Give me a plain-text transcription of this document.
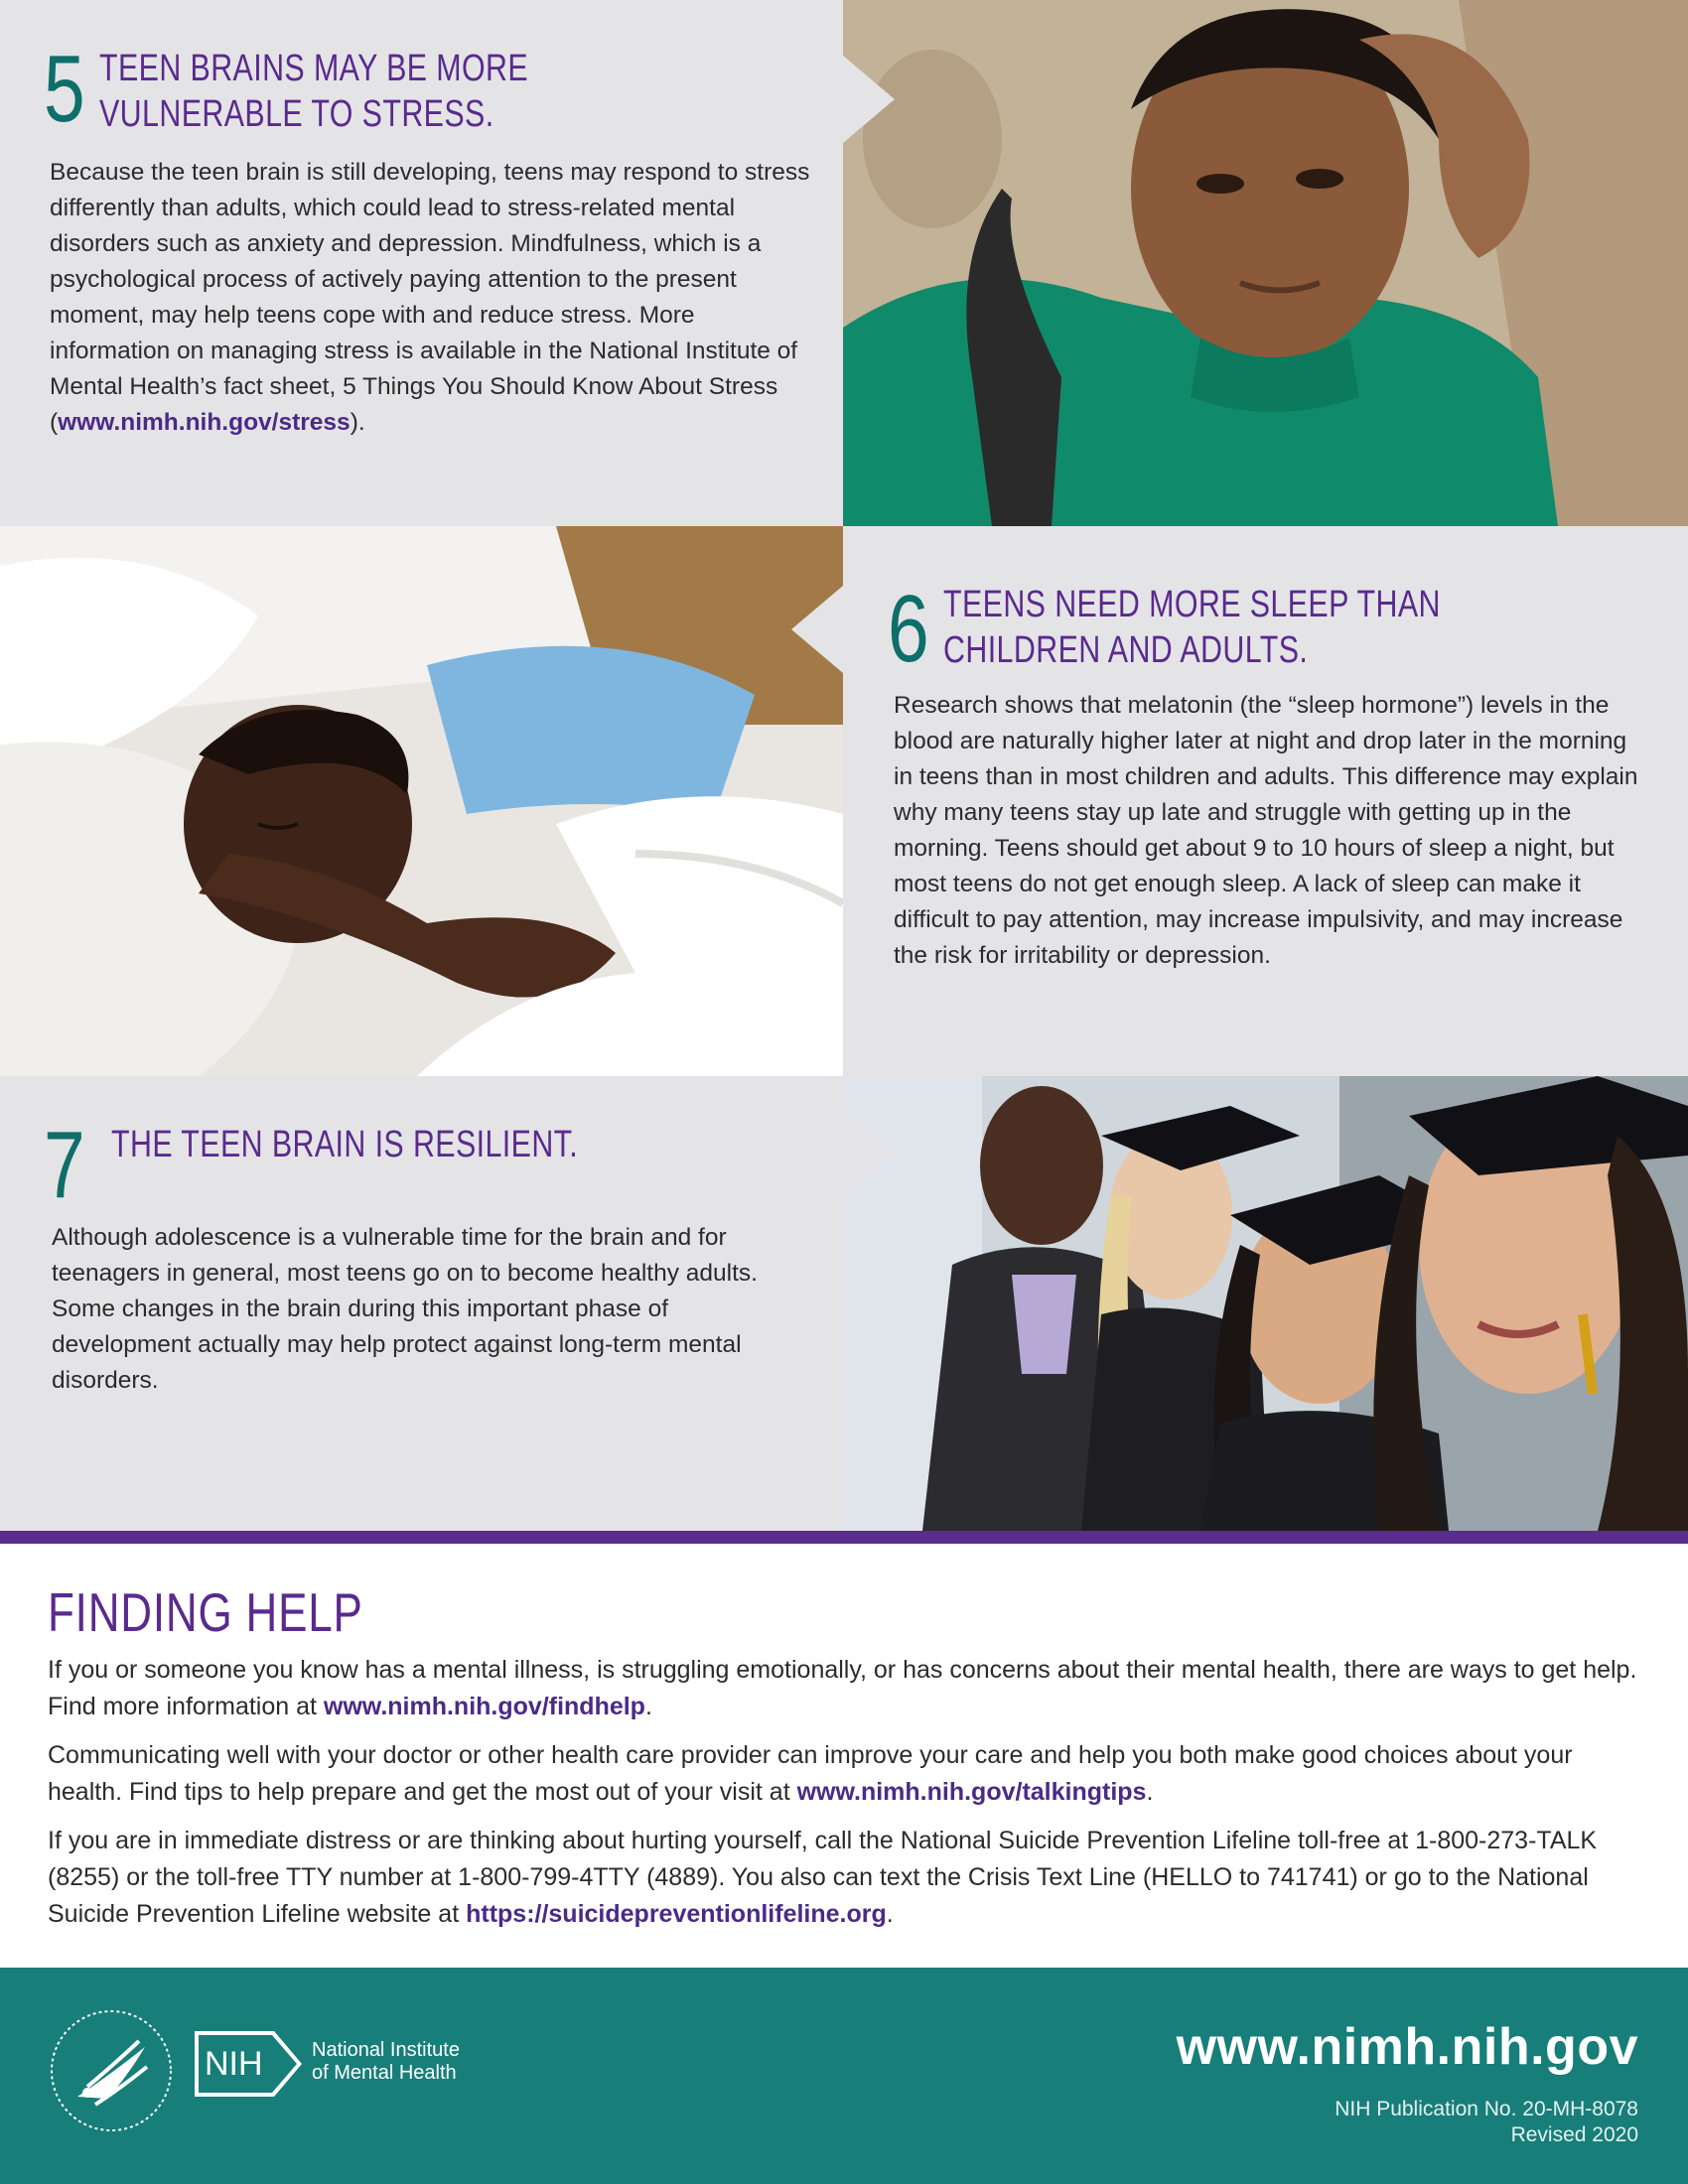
5 TEEN BRAINS MAY BE MORE
VULNERABLE TO STRESS.
Because the teen brain is still developing, teens may respond to stress differently than adults, which could lead to stress-related mental disorders such as anxiety and depression. Mindfulness, which is a psychological process of actively paying attention to the present moment, may help teens cope with and reduce stress. More information on managing stress is available in the National Institute of Mental Health’s fact sheet, 5 Things You Should Know About Stress (www.nimh.nih.gov/stress).
6 TEENS NEED MORE SLEEP THAN
CHILDREN AND ADULTS.
Research shows that melatonin (the “sleep hormone”) levels in the blood are naturally higher later at night and drop later in the morning in teens than in most children and adults. This difference may explain why many teens stay up late and struggle with getting up in the morning. Teens should get about 9 to 10 hours of sleep a night, but most teens do not get enough sleep. A lack of sleep can make it difficult to pay attention, may increase impulsivity, and may increase the risk for irritability or depression.
7 THE TEEN BRAIN IS RESILIENT.
Although adolescence is a vulnerable time for the brain and for teenagers in general, most teens go on to become healthy adults. Some changes in the brain during this important phase of development actually may help protect against long-term mental disorders.
FINDING HELP
If you or someone you know has a mental illness, is struggling emotionally, or has concerns about their mental health, there are ways to get help. Find more information at www.nimh.nih.gov/findhelp.
Communicating well with your doctor or other health care provider can improve your care and help you both make good choices about your health. Find tips to help prepare and get the most out of your visit at www.nimh.nih.gov/talkingtips.
If you are in immediate distress or are thinking about hurting yourself, call the National Suicide Prevention Lifeline toll-free at 1-800-273-TALK (8255) or the toll-free TTY number at 1-800-799-4TTY (4889). You also can text the Crisis Text Line (HELLO to 741741) or go to the National Suicide Prevention Lifeline website at https://suicidepreventionlifeline.org.
NIH National Institute
of Mental Health	www.nimh.nih.gov
NIH Publication No. 20-MH-8078
Revised 2020
